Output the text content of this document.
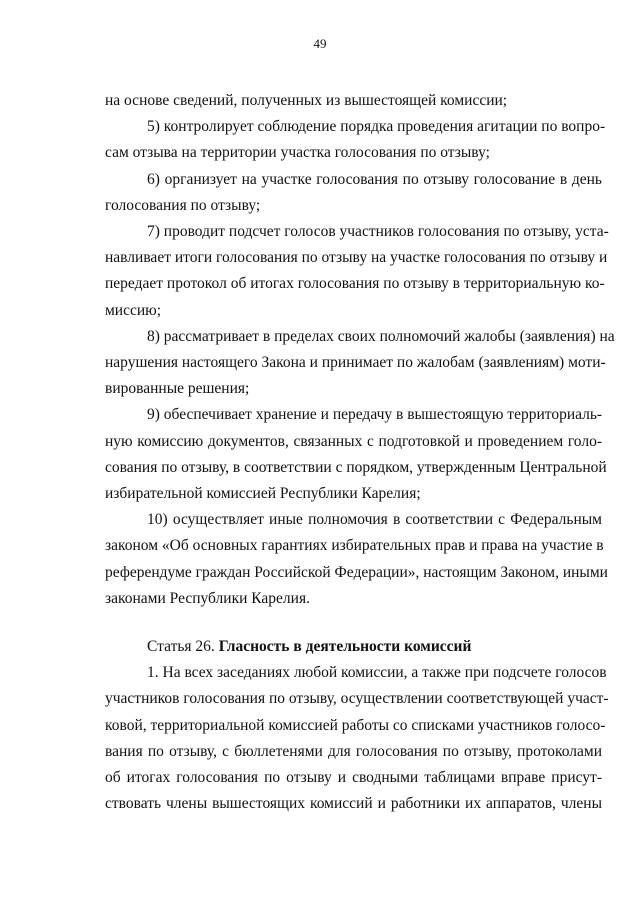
49
на основе сведений, полученных из вышестоящей комиссии;
5) контролирует соблюдение порядка проведения агитации по вопро-
сам отзыва на территории участка голосования по отзыву;
6) организует на участке голосования по отзыву голосование в день
голосования по отзыву;
7) проводит подсчет голосов участников голосования по отзыву, уста-
навливает итоги голосования по отзыву на участке голосования по отзыву и
передает протокол об итогах голосования по отзыву в территориальную ко-
миссию;
8) рассматривает в пределах своих полномочий жалобы (заявления) на
нарушения настоящего Закона и принимает по жалобам (заявлениям) моти-
вированные решения;
9) обеспечивает хранение и передачу в вышестоящую территориаль-
ную комиссию документов, связанных с подготовкой и проведением голо-
сования по отзыву, в соответствии с порядком, утвержденным Центральной
избирательной комиссией Республики Карелия;
10) осуществляет иные полномочия в соответствии с Федеральным
законом «Об основных гарантиях избирательных прав и права на участие в
референдуме граждан Российской Федерации», настоящим Законом, иными
законами Республики Карелия.
Статья 26. Гласность в деятельности комиссий
1. На всех заседаниях любой комиссии, а также при подсчете голосов
участников голосования по отзыву, осуществлении соответствующей участ-
ковой, территориальной комиссией работы со списками участников голосо-
вания по отзыву, с бюллетенями для голосования по отзыву, протоколами
об итогах голосования по отзыву и сводными таблицами вправе присут-
ствовать члены вышестоящих комиссий и работники их аппаратов, члены
